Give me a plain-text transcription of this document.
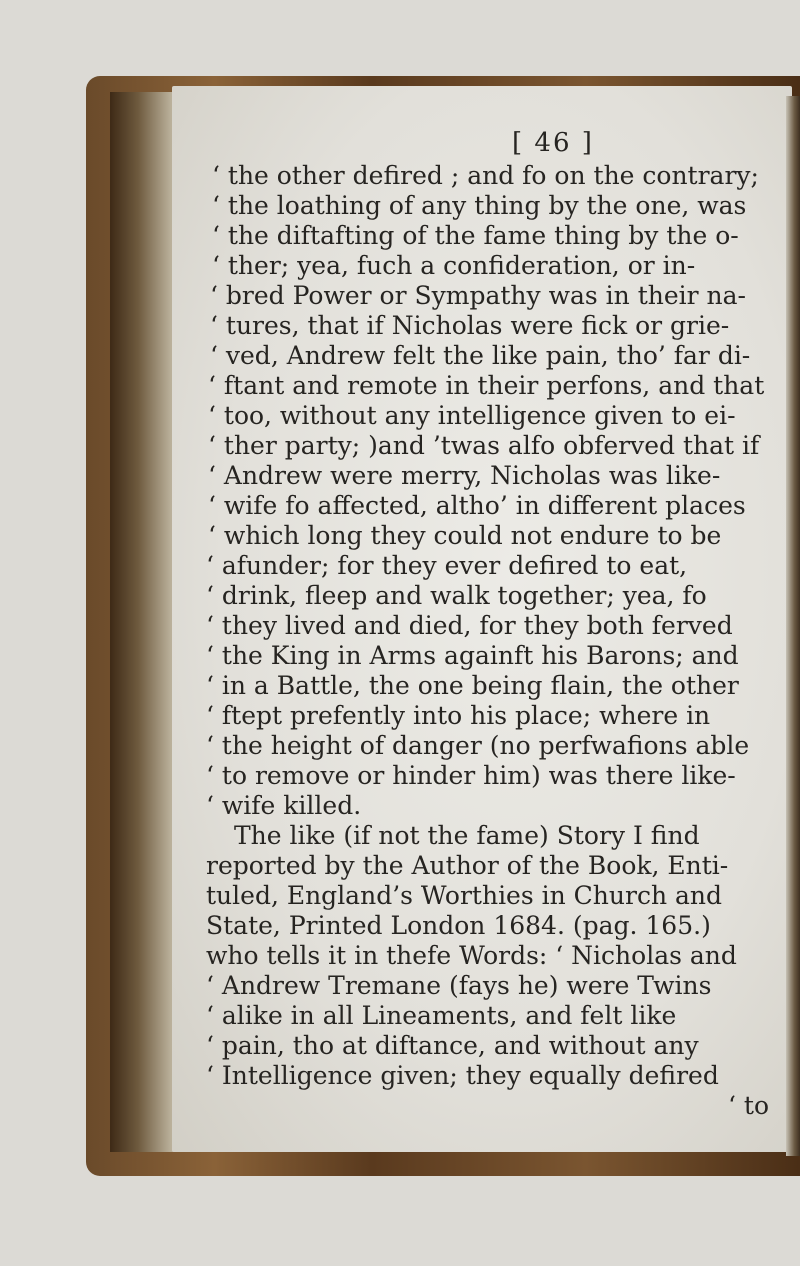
[ 46 ]
‘ the other defired ; and fo on the contrary;
‘ the loathing of any thing by the one, was
‘ the diftafting of the fame thing by the o-
‘ ther; yea, fuch a confideration, or in-
‘ bred Power or Sympathy was in their na-
‘ tures, that if Nicholas were fick or grie-
‘ ved, Andrew felt the like pain, tho’ far di-
‘ ftant and remote in their perfons, and that
‘ too, without any intelligence given to ei-
‘ ther party; )and ’twas alfo obferved that if
‘ Andrew were merry, Nicholas was like-
‘ wife fo affected, altho’ in different places
‘ which long they could not endure to be
‘ afunder; for they ever defired to eat,
‘ drink, fleep and walk together; yea, fo
‘ they lived and died, for they both ferved
‘ the King in Arms againft his Barons; and
‘ in a Battle, the one being flain, the other
‘ ftept prefently into his place; where in
‘ the height of danger (no perfwafions able
‘ to remove or hinder him) was there like-
‘ wife killed.
The like (if not the fame) Story I find
reported by the Author of the Book, Enti-
tuled, England’s Worthies in Church and
State, Printed London 1684. (pag. 165.)
who tells it in thefe Words: ‘ Nicholas and
‘ Andrew Tremane (fays he) were Twins
‘ alike in all Lineaments, and felt like
‘ pain, tho at diftance, and without any
‘ Intelligence given; they equally defired
‘ to
